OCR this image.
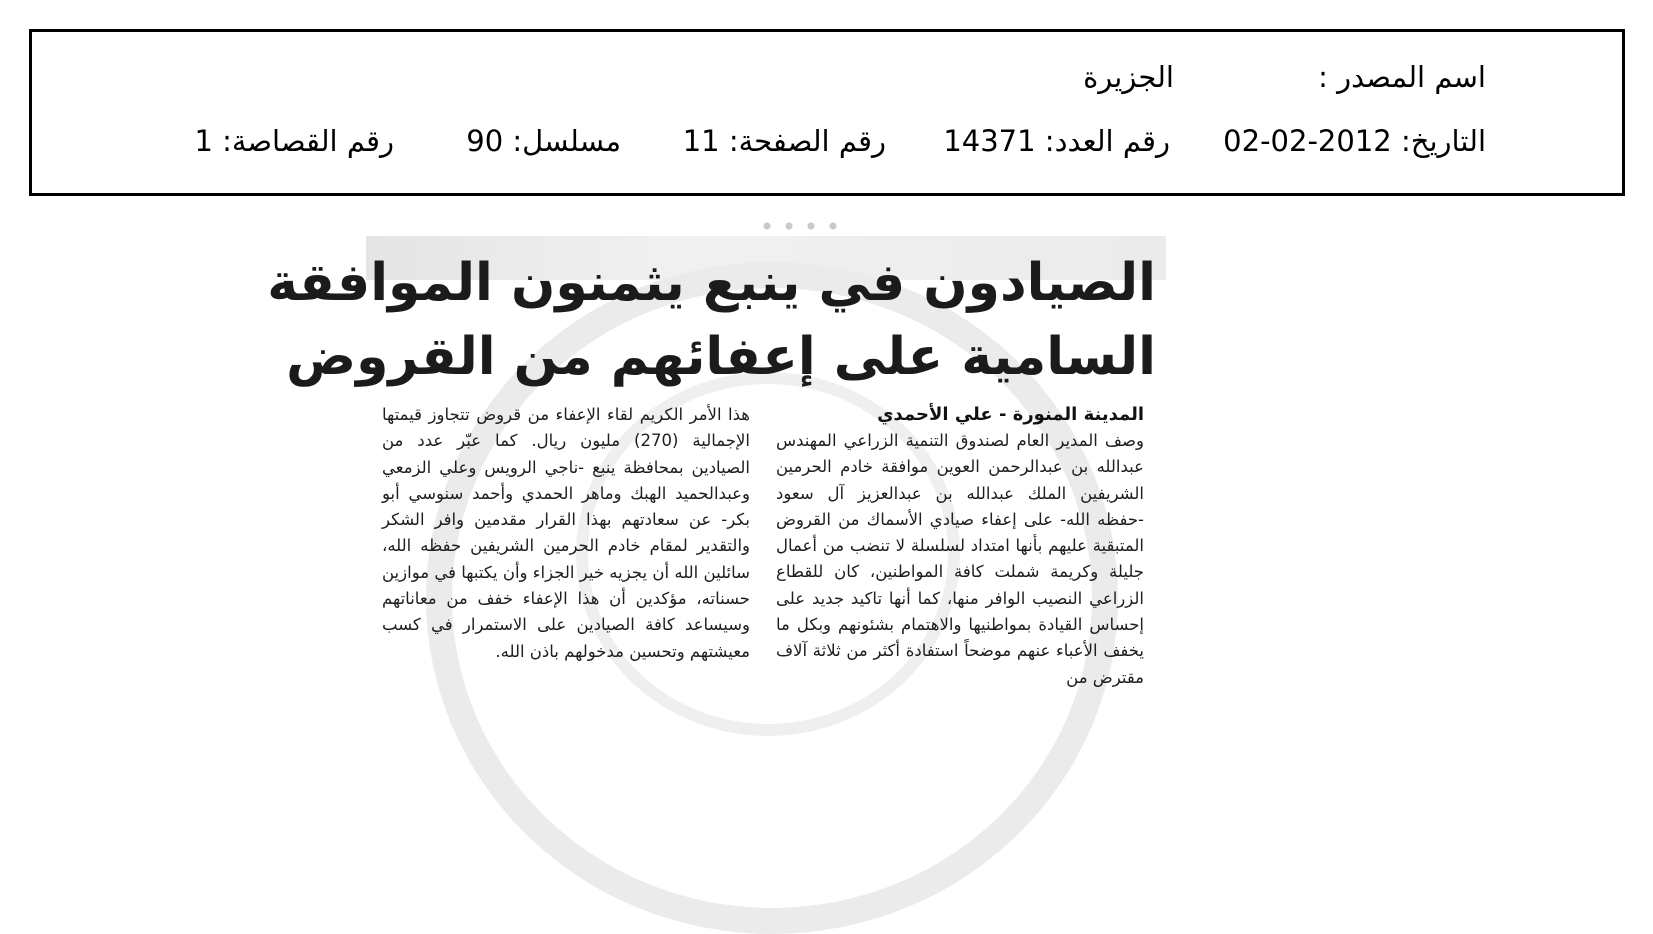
اسم المصدر :
الجزيرة
التاريخ: 2012-02-02
رقم العدد: 14371
رقم الصفحة: 11
مسلسل: 90
رقم القصاصة: 1
الصيادون في ينبع يثمنون الموافقة
السامية على إعفائهم من القروض
المدينة المنورة - علي الأحمدي

وصف المدير العام لصندوق التنمية الزراعي المهندس عبدالله بن عبدالرحمن العوين موافقة خادم الحرمين الشريفين الملك عبدالله بن عبدالعزيز آل سعود -حفظه الله- على إعفاء صيادي الأسماك من القروض المتبقية عليهم بأنها امتداد لسلسلة لا تنضب من أعمال جليلة وكريمة شملت كافة المواطنين، كان للقطاع الزراعي النصيب الوافر منها، كما أنها تاكيد جديد على إحساس القيادة بمواطنيها والاهتمام بشئونهم وبكل ما يخفف الأعباء عنهم موضحاً استفادة أكثر من ثلاثة آلاف مقترض من

هذا الأمر الكريم لقاء الإعفاء من قروض تتجاوز قيمتها الإجمالية (270) مليون ريال. كما عبّر عدد من الصيادين بمحافظة ينبع -ناجي الرويس وعلي الزمعي وعبدالحميد الهبك وماهر الحمدي وأحمد سنوسي أبو بكر- عن سعادتهم بهذا القرار مقدمين وافر الشكر والتقدير لمقام خادم الحرمين الشريفين حفظه الله، سائلين الله أن يجزيه خير الجزاء وأن يكتبها في موازين حسناته، مؤكدين أن هذا الإعفاء خفف من معاناتهم وسيساعد كافة الصيادين على الاستمرار في كسب معيشتهم وتحسين مدخولهم باذن الله.
